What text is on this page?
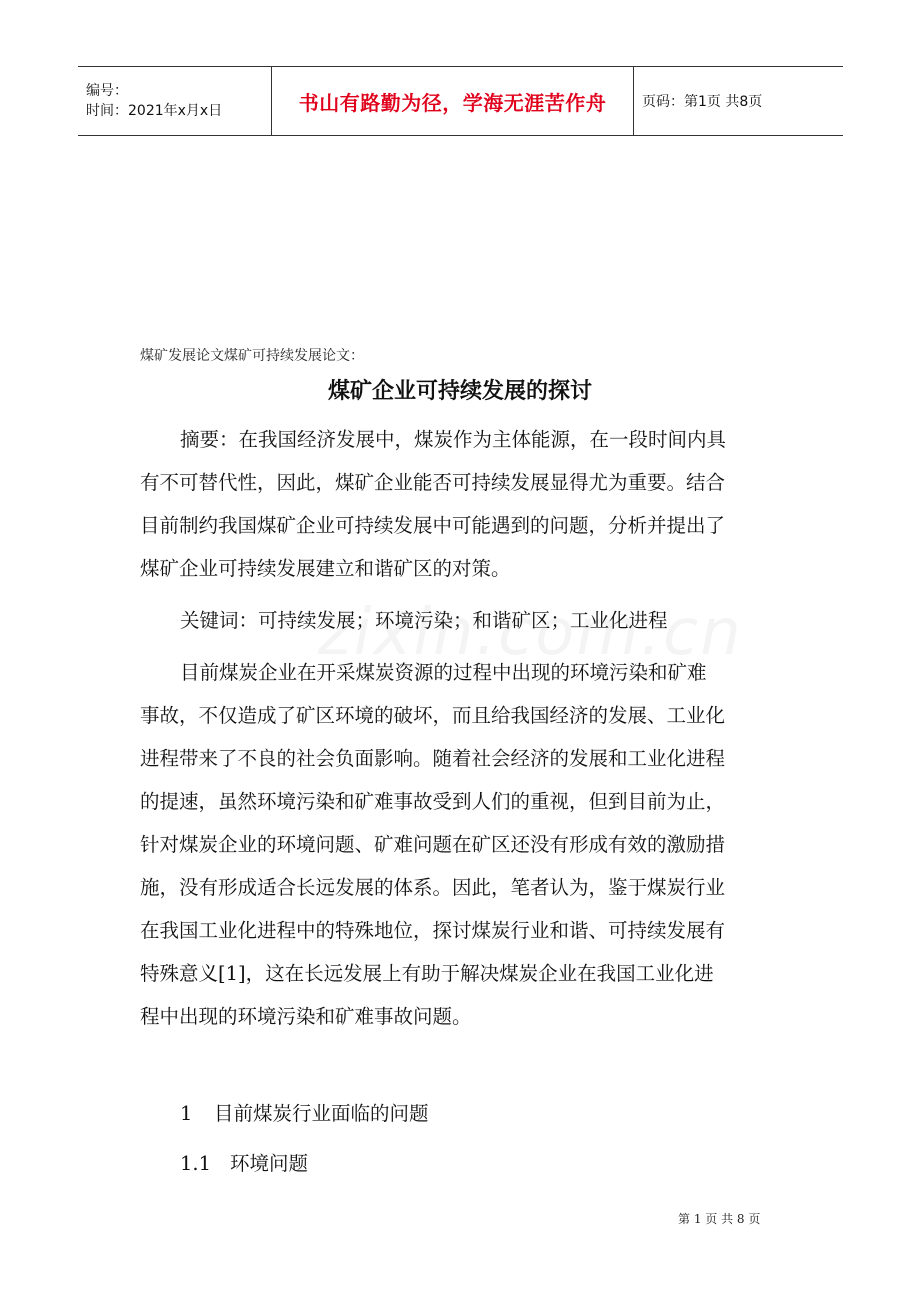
编号：
时间：2021年x月x日	书山有路勤为径，学海无涯苦作舟	页码：第1页 共8页
煤矿发展论文煤矿可持续发展论文：
煤矿企业可持续发展的探讨
摘要：在我国经济发展中，煤炭作为主体能源，在一段时间内具
有不可替代性，因此，煤矿企业能否可持续发展显得尤为重要。结合
目前制约我国煤矿企业可持续发展中可能遇到的问题，分析并提出了
煤矿企业可持续发展建立和谐矿区的对策。
关键词：可持续发展；环境污染；和谐矿区；工业化进程
目前煤炭企业在开采煤炭资源的过程中出现的环境污染和矿难
事故，不仅造成了矿区环境的破坏，而且给我国经济的发展、工业化
进程带来了不良的社会负面影响。随着社会经济的发展和工业化进程
的提速，虽然环境污染和矿难事故受到人们的重视，但到目前为止，
针对煤炭企业的环境问题、矿难问题在矿区还没有形成有效的激励措
施，没有形成适合长远发展的体系。因此，笔者认为，鉴于煤炭行业
在我国工业化进程中的特殊地位，探讨煤炭行业和谐、可持续发展有
特殊意义[1]，这在长远发展上有助于解决煤炭企业在我国工业化进
程中出现的环境污染和矿难事故问题。
1 目前煤炭行业面临的问题
1.1 环境问题
第 1 页 共 8 页
